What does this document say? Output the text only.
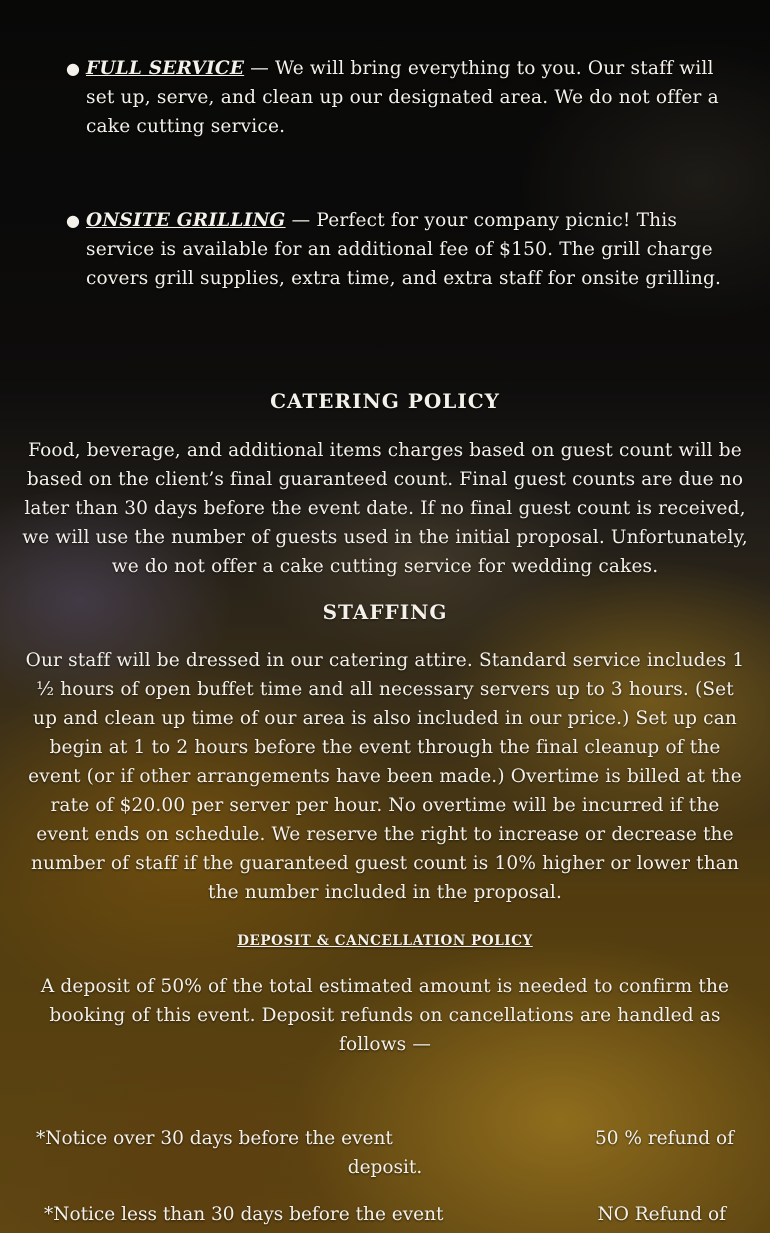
● FULL SERVICE — We will bring everything to you. Our staff will set up, serve, and clean up our designated area. We do not offer a cake cutting service.
● ONSITE GRILLING — Perfect for your company picnic! This service is available for an additional fee of $150. The grill charge covers grill supplies, extra time, and extra staff for onsite grilling.
CATERING POLICY
Food, beverage, and additional items charges based on guest count will be based on the client’s final guaranteed count. Final guest counts are due no later than 30 days before the event date. If no final guest count is received, we will use the number of guests used in the initial proposal. Unfortunately, we do not offer a cake cutting service for wedding cakes.
STAFFING
Our staff will be dressed in our catering attire. Standard service includes 1 ½ hours of open buffet time and all necessary servers up to 3 hours. (Set up and clean up time of our area is also included in our price.) Set up can begin at 1 to 2 hours before the event through the final cleanup of the event (or if other arrangements have been made.) Overtime is billed at the rate of $20.00 per server per hour. No overtime will be incurred if the event ends on schedule. We reserve the right to increase or decrease the number of staff if the guaranteed guest count is 10% higher or lower than the number included in the proposal.
DEPOSIT & CANCELLATION POLICY
A deposit of 50% of the total estimated amount is needed to confirm the booking of this event. Deposit refunds on cancellations are handled as follows —
*Notice over 30 days before the event	50 % refund of
deposit.
*Notice less than 30 days before the event	NO Refund of
